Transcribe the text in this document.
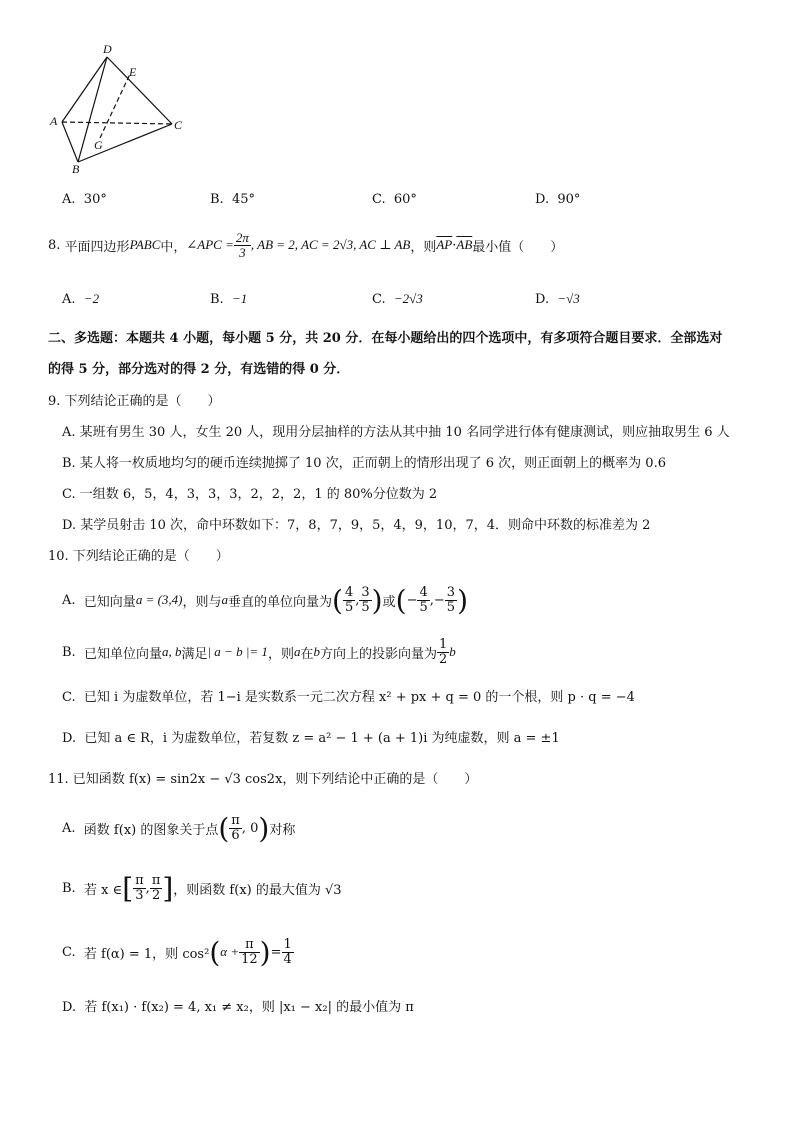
D
E
A	C
G
B
A. 30°	B. 45°	C. 60°	D. 90°
8.
平面四边形 PABC 中， ∠APC = $\frac{2\pi}{3}$ , AB = 2, AC = 2√3, AC ⊥ AB ，则 $\overline{AP} \cdot \overline{AB}$ 最小值（　　）
A. −2	B. −1	C. −2√3	D. −√3
二、多选题：本题共 4 小题，每小题 5 分，共 20 分．在每小题给出的四个选项中，有多项符合题目要求．全部选对
的得 5 分，部分选对的得 2 分，有选错的得 0 分．
9. 下列结论正确的是（　　）
A. 某班有男生 30 人，女生 20 人，现用分层抽样的方法从其中抽 10 名同学进行体有健康测试，则应抽取男生 6 人
B. 某人将一枚质地均匀的硬币连续抛掷了 10 次，正而朝上的情形出现了 6 次，则正面朝上的概率为 0.6
C. 一组数 6，5，4，3，3，3，2，2，2，1 的 80%分位数为 2
D. 某学员射击 10 次，命中环数如下：7，8，7，9，5，4，9，10，7，4．则命中环数的标准差为 2
10. 下列结论正确的是（　　）
A.
已知向量 a = (3,4) ，则与 a 垂直的单位向量为 ( $\frac{4}{5}$ , $\frac{3}{5}$ ) 或 ( − $\frac{4}{5}$ ,− $\frac{3}{5}$ )
B.
已知单位向量 a, b 满足 | a − b |= 1 ，则 a 在 b 方向上的投影向量为 $\frac{1}{2}$ b
C. 已知 i 为虚数单位，若 1−i 是实数系一元二次方程 x² + px + q = 0 的一个根，则 p · q = −4
D. 已知 a ∈ R，i 为虚数单位，若复数 z = a² − 1 + (a + 1)i 为纯虚数，则 a = ±1
11. 已知函数 f(x) = sin2x − √3 cos2x，则下列结论中正确的是（　　）
A.
函数 f(x) 的图象关于点 ( $\frac{\pi}{6}$ , 0 ) 对称
B.
若 x ∈ [ $\frac{\pi}{3}$ , $\frac{\pi}{2}$ ] ，则函数 f(x) 的最大值为 √3
C.
若 f(α) = 1，则 cos² ( $\alpha + \frac{\pi}{12}$ ) = $\frac{1}{4}$
D. 若 f(x₁) · f(x₂) = 4, x₁ ≠ x₂，则 |x₁ − x₂| 的最小值为 π
